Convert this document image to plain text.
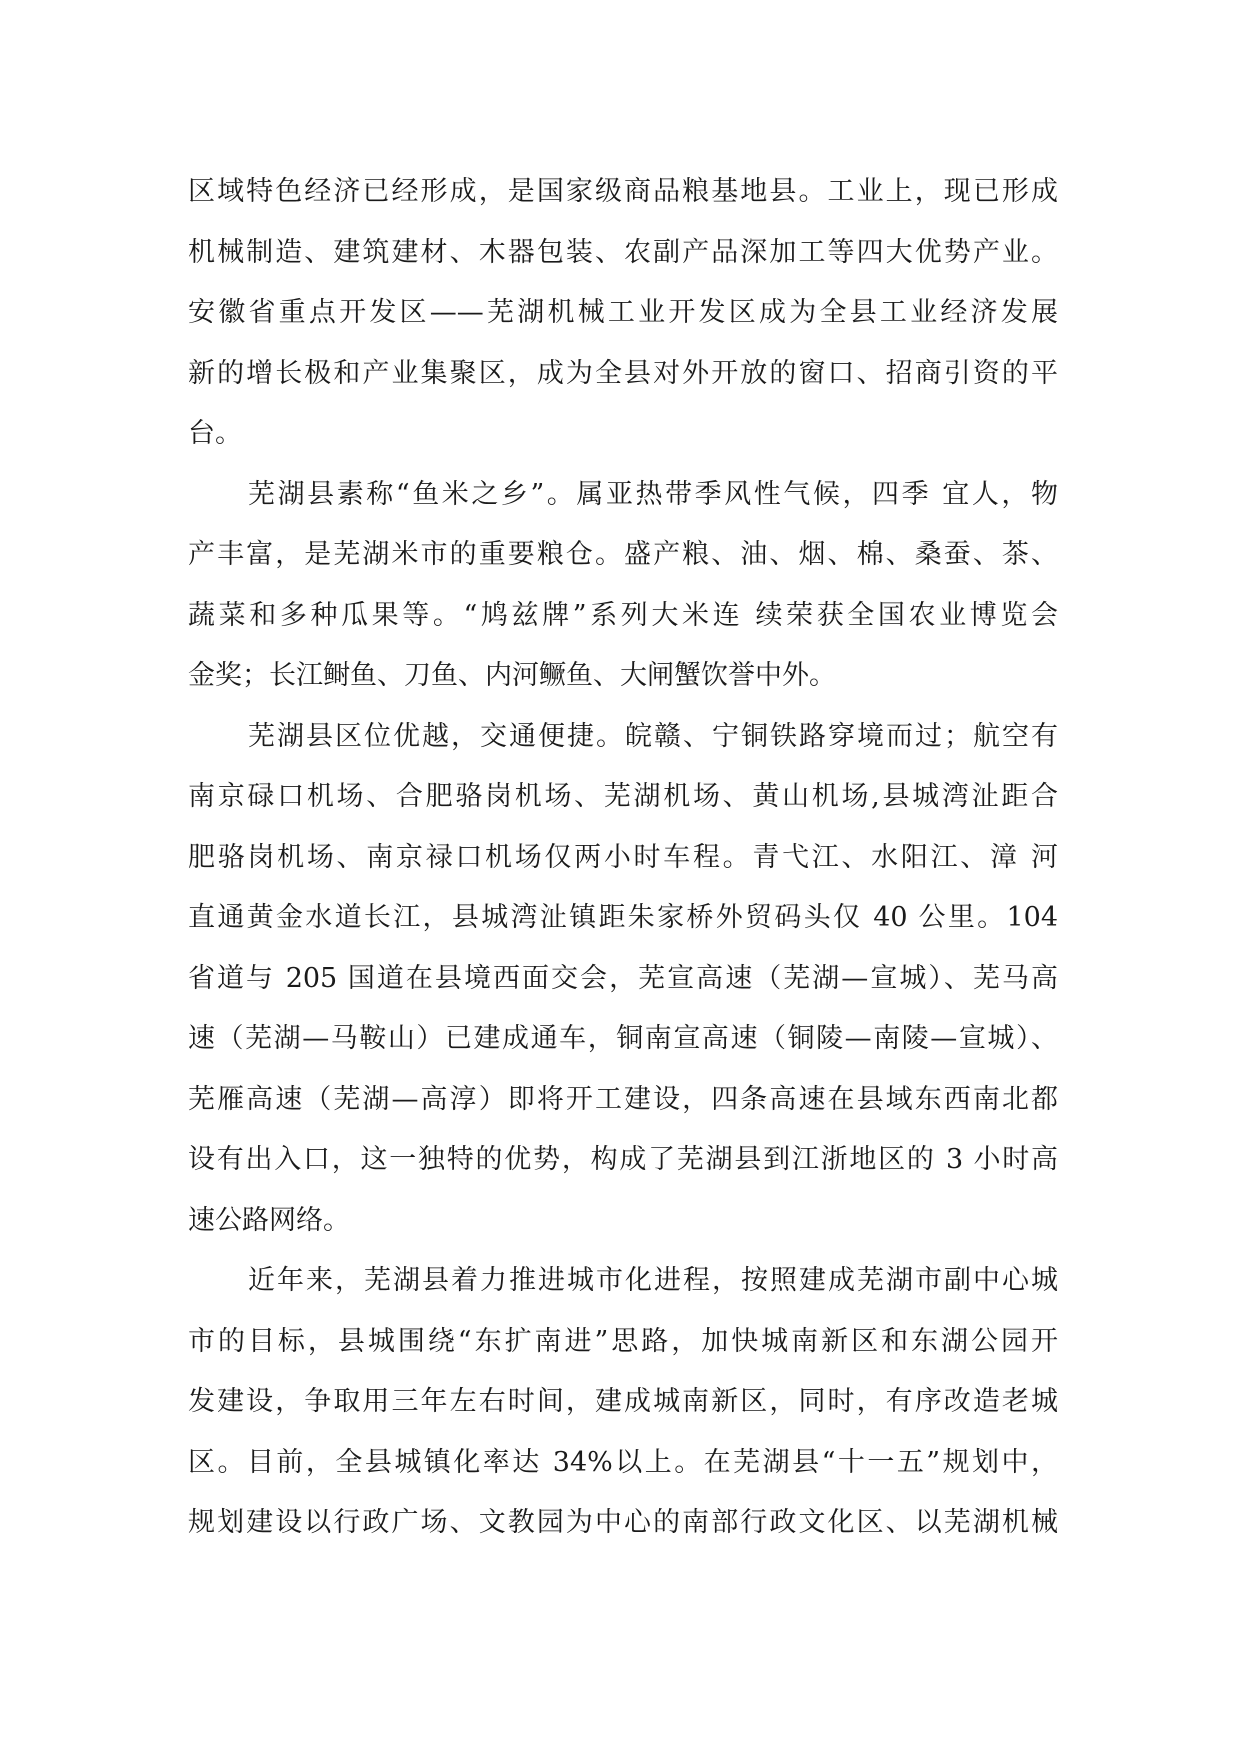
区域特色经济已经形成，是国家级商品粮基地县。工业上，现已形成
机械制造、建筑建材、木器包装、农副产品深加工等四大优势产业。
安徽省重点开发区——芜湖机械工业开发区成为全县工业经济发展
新的增长极和产业集聚区，成为全县对外开放的窗口、招商引资的平
台。
芜湖县素称“鱼米之乡”。属亚热带季风性气候，四季 宜人，物
产丰富，是芜湖米市的重要粮仓。盛产粮、油、烟、棉、桑蚕、茶、
蔬菜和多种瓜果等。“鸠兹牌”系列大米连 续荣获全国农业博览会
金奖；长江鲥鱼、刀鱼、内河鳜鱼、大闸蟹饮誉中外。
芜湖县区位优越，交通便捷。皖赣、宁铜铁路穿境而过；航空有
南京碌口机场、合肥骆岗机场、芜湖机场、黄山机场,县城湾沚距合
肥骆岗机场、南京禄口机场仅两小时车程。青弋江、水阳江、漳 河
直通黄金水道长江，县城湾沚镇距朱家桥外贸码头仅 40 公里。104
省道与 205 国道在县境西面交会，芜宣高速（芜湖—宣城）、芜马高
速（芜湖—马鞍山）已建成通车，铜南宣高速（铜陵—南陵—宣城）、
芜雁高速（芜湖—高淳）即将开工建设，四条高速在县域东西南北都
设有出入口，这一独特的优势，构成了芜湖县到江浙地区的 3 小时高
速公路网络。
近年来，芜湖县着力推进城市化进程，按照建成芜湖市副中心城
市的目标，县城围绕“东扩南进”思路，加快城南新区和东湖公园开
发建设，争取用三年左右时间，建成城南新区，同时，有序改造老城
区。目前，全县城镇化率达 34%以上。在芜湖县“十一五”规划中，
规划建设以行政广场、文教园为中心的南部行政文化区、以芜湖机械
